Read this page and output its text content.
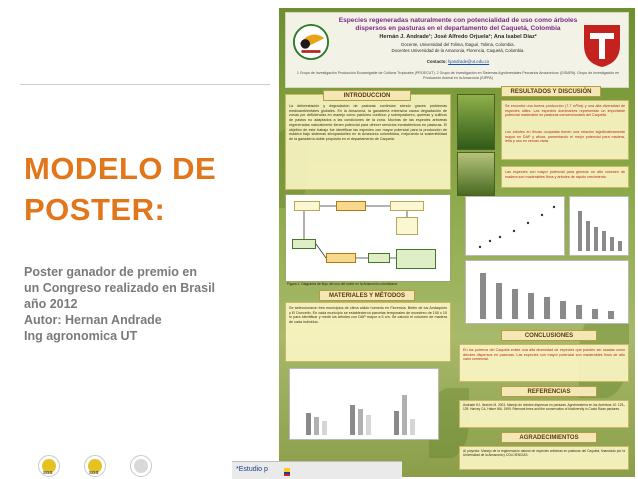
MODELO DE
POSTER:
Poster ganador de premio en
un Congreso realizado en Brasil
año 2012
Autor: Hernan Andrade
Ing agronomica UT
Especies regeneradas naturalmente con potencialidad de uso como árboles dispersos en pasturas en el departamento del Caquetá, Colombia
Hernán J. Andrade¹; José Alfredo Orjuela²; Ana Isabel Díaz²
Docente, Universidad del Tolima, Ibagué, Tolima, Colombia.
Docentes Universidad de la Amazonia, Florencia, Caquetá, Colombia.
Contacto: hjandrade@ut.edu.co
1 Grupo de Investigación Producción Ecoamigable de Cultivos Tropicales (PROECUT). 2 Grupo de Investigación en Sistemas Agroforestales Pecuarios Amazónicos (GISAPA). Grupo de Investigación en Producción Animal en la Amazonía (GIPPA)
INTRODUCCION
La deforestación y degradación de pasturas continúan siendo graves problemas medioambientales globales. En la Amazonía, la ganadería extensiva causa degradación de zonas por deficiencias en manejo como pastoreo continuo y sobrepastoreo, quemas y cultivos de pastos no adaptados a las condiciones de la zona. Muchas de las especies arbóreas regeneradas naturalmente tienen potencial para ofrecer servicios ecosistémicos en pasturas. El objetivo de este trabajo fue identificar las especies con mayor potencial para la producción de madera bajo sistemas silvopastoriles en la Amazonía colombiana, mejorando la sostenibilidad de la ganadería doble propósito en el departamento de Caquetá.
RESULTADOS Y DISCUSIÓN
Se encontró una buena producción (7,7 m³/ha) y una alta diversidad de especies útiles. Las especies dominantes representan un importante potencial maderable en pasturas convencionales del Caquetá.
Los árboles en fincas ocupadas tienen una relación significativamente mayor en DAP y altura, presentando el mejor potencial para madera, leña y uso en cercas vivas.
Las especies con mayor potencial para generar un alto volumen de madera son maderables finos y árboles de rápido crecimiento.
Figura 1. Diagrama de flujo del uso del suelo en la Amazonía colombiana.
MATERIALES Y MÉTODOS
Se seleccionaron tres municipios de clima cálido húmedo en Florencia, Belén de los Andaquíes y El Doncello. En cada municipio se establecieron parcelas temporales de muestreo de 100 x 10 m para identificar y medir los árboles con DAP mayor a 5 cm. Se calculó el volumen de madera de cada individuo.
CONCLUSIONES
En los potreros del Caquetá existe una alta diversidad de especies que pueden ser usadas como árboles dispersos en pasturas. Las especies con mayor potencial son maderables finos de alto valor comercial.
REFERENCIAS
Andrade HJ, Ibrahim M. 2003. Manejo de árboles dispersos en pasturas. Agroforestería en las Américas 10: 125–129. Harvey CA, Haber WA. 1999. Remnant trees and the conservation of biodiversity in Costa Rican pastures.
AGRADECIMIENTOS
Al proyecto: Manejo de la regeneración natural de especies arbóreas en pasturas del Caquetá, financiado por la Universidad de la Amazonia y COLCIENCIAS.
SGS	SGS	*Estudio p
